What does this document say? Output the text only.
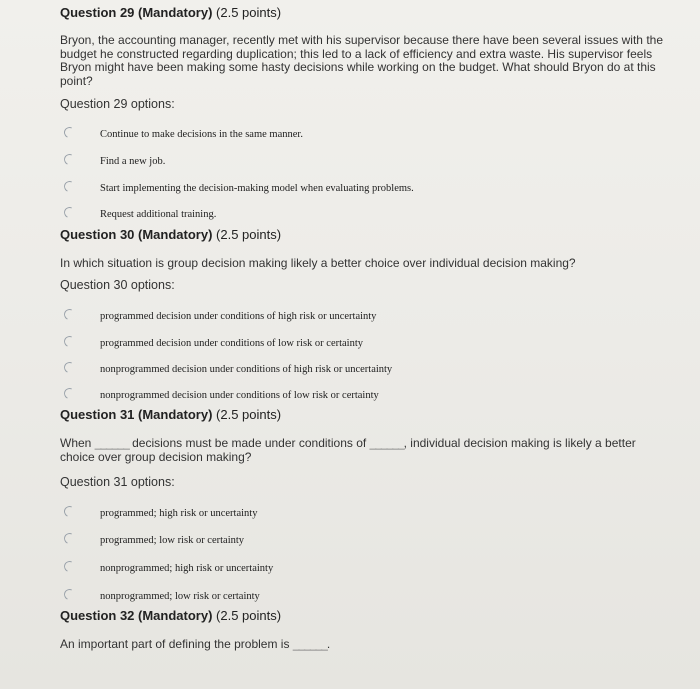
Question 29 (Mandatory) (2.5 points)
Bryon, the accounting manager, recently met with his supervisor because there have been several issues with the budget he constructed regarding duplication; this led to a lack of efficiency and extra waste. His supervisor feels Bryon might have been making some hasty decisions while working on the budget. What should Bryon do at this point?
Question 29 options:
Continue to make decisions in the same manner.
Find a new job.
Start implementing the decision-making model when evaluating problems.
Request additional training.
Question 30 (Mandatory) (2.5 points)
In which situation is group decision making likely a better choice over individual decision making?
Question 30 options:
programmed decision under conditions of high risk or uncertainty
programmed decision under conditions of low risk or certainty
nonprogrammed decision under conditions of high risk or uncertainty
nonprogrammed decision under conditions of low risk or certainty
Question 31 (Mandatory) (2.5 points)
When ______ decisions must be made under conditions of ______, individual decision making is likely a better choice over group decision making?
Question 31 options:
programmed; high risk or uncertainty
programmed; low risk or certainty
nonprogrammed; high risk or uncertainty
nonprogrammed; low risk or certainty
Question 32 (Mandatory) (2.5 points)
An important part of defining the problem is ______.
